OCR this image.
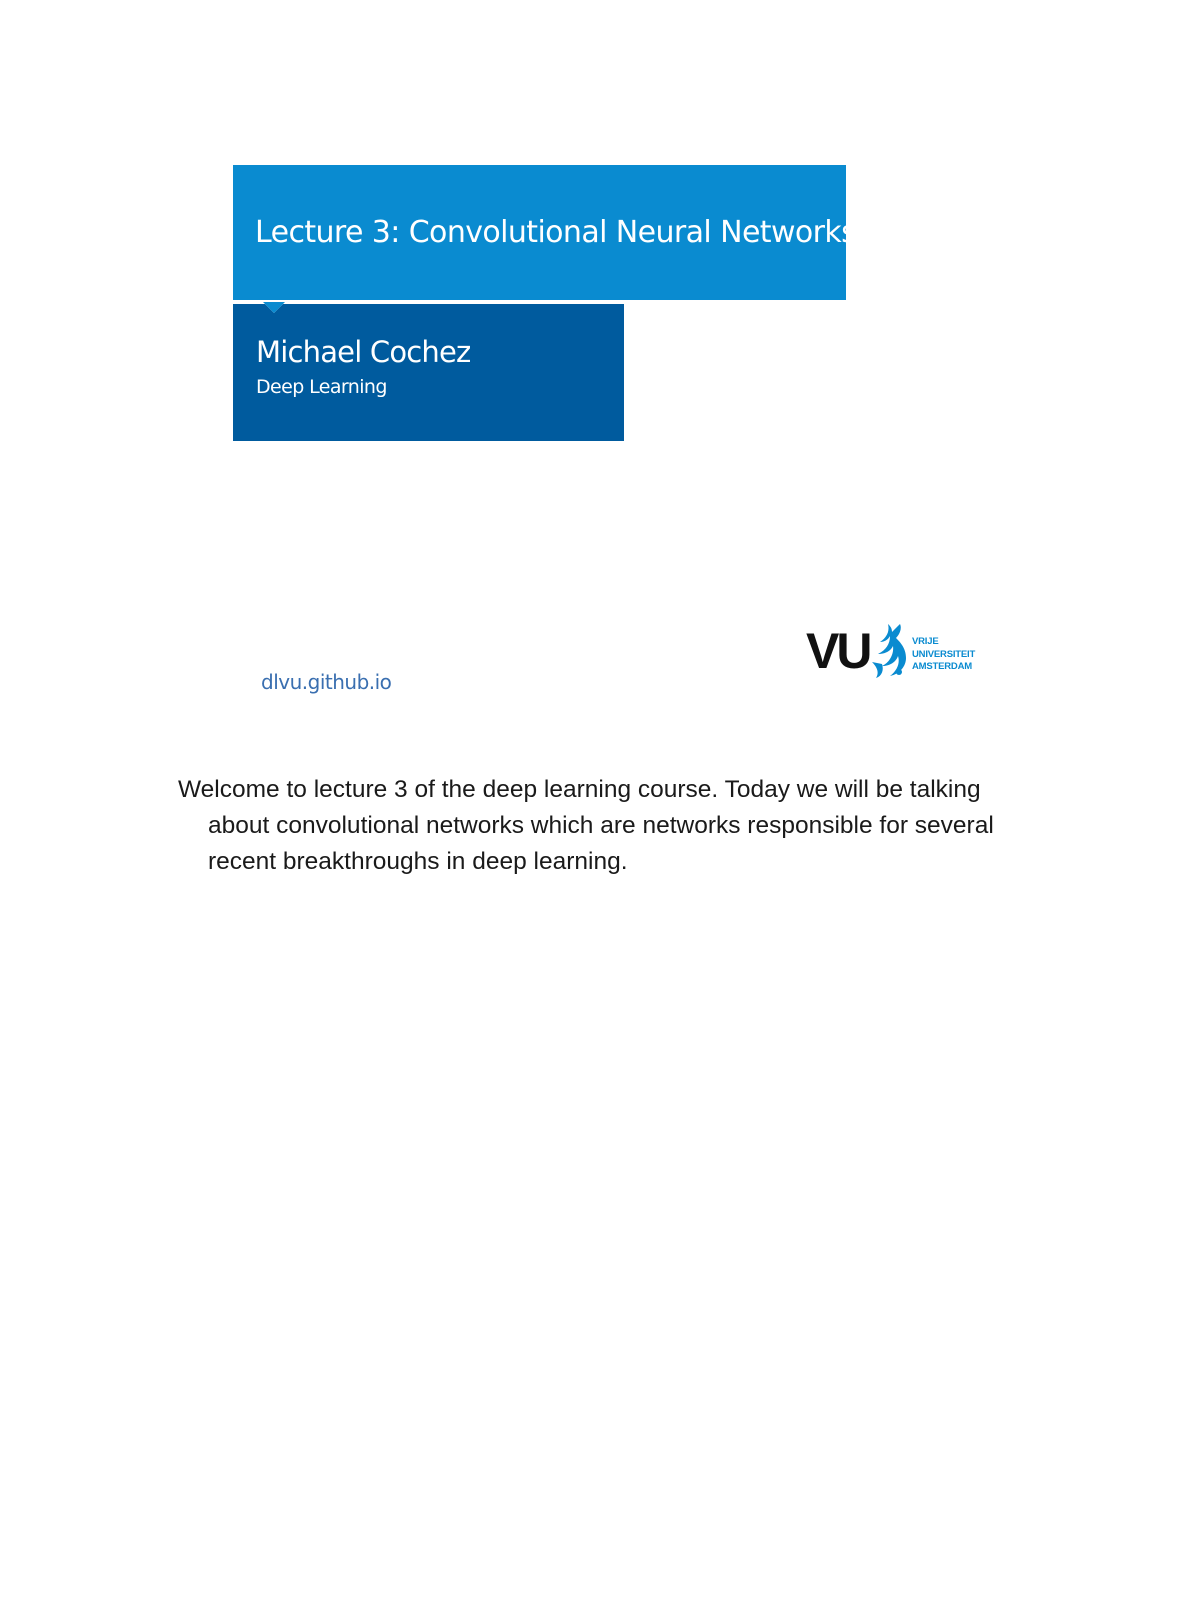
Lecture 3: Convolutional Neural Networks
Michael Cochez
Deep Learning
dlvu.github.io
VU	VRIJE
UNIVERSITEIT
AMSTERDAM

Welcome to lecture 3 of the deep learning course. Today we will be talking about convolutional networks which are networks responsible for several recent breakthroughs in deep learning.
